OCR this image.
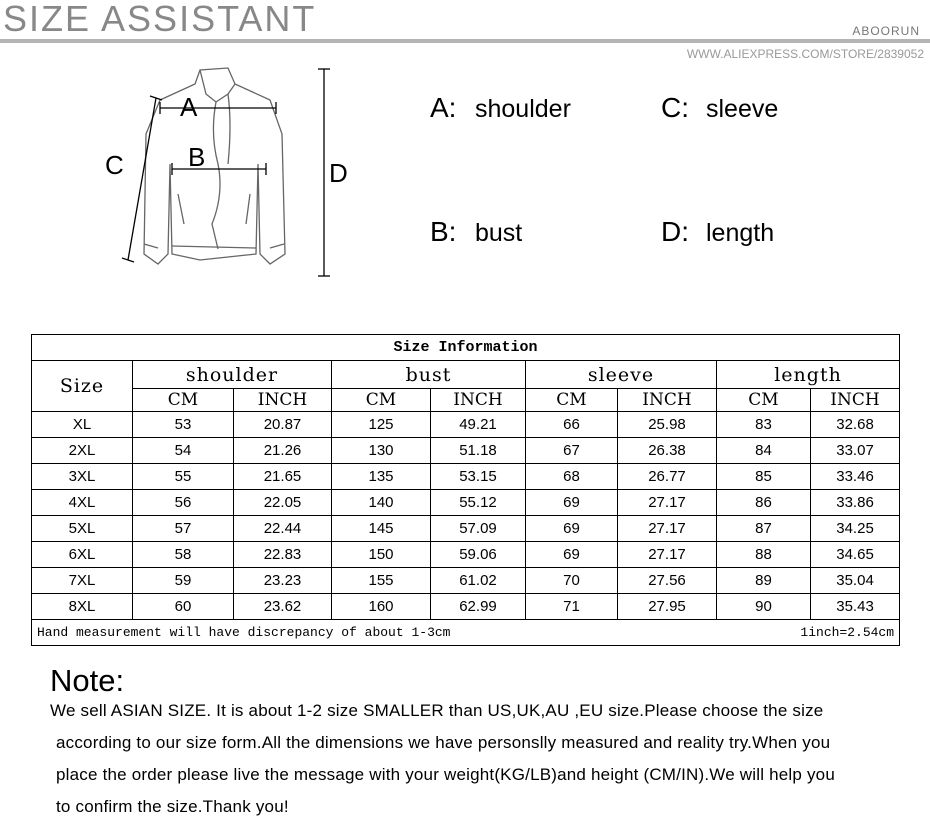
SIZE ASSISTANT	ABOORUN
WWW.ALIEXPRESS.COM/STORE/2839052
A
B
C	D
A: shoulder	C: sleeve
B: bust	D: length
Size Information								
Size	shoulder		bust		sleeve		length	
	CM	INCH	CM	INCH	CM	INCH	CM	INCH
XL	53	20.87	125	49.21	66	25.98	83	32.68
2XL	54	21.26	130	51.18	67	26.38	84	33.07
3XL	55	21.65	135	53.15	68	26.77	85	33.46
4XL	56	22.05	140	55.12	69	27.17	86	33.86
5XL	57	22.44	145	57.09	69	27.17	87	34.25
6XL	58	22.83	150	59.06	69	27.17	88	34.65
7XL	59	23.23	155	61.02	70	27.56	89	35.04
8XL	60	23.62	160	62.99	71	27.95	90	35.43
Hand measurement will have discrepancy of about 1-3cm 1inch=2.54cm								
Note:
We sell ASIAN SIZE. It is about 1-2 size SMALLER than US,UK,AU ,EU size.Please choose the size
according to our size form.All the dimensions we have personslly measured and reality try.When you
place the order please live the message with your weight(KG/LB)and height (CM/IN).We will help you
to confirm the size.Thank you!
